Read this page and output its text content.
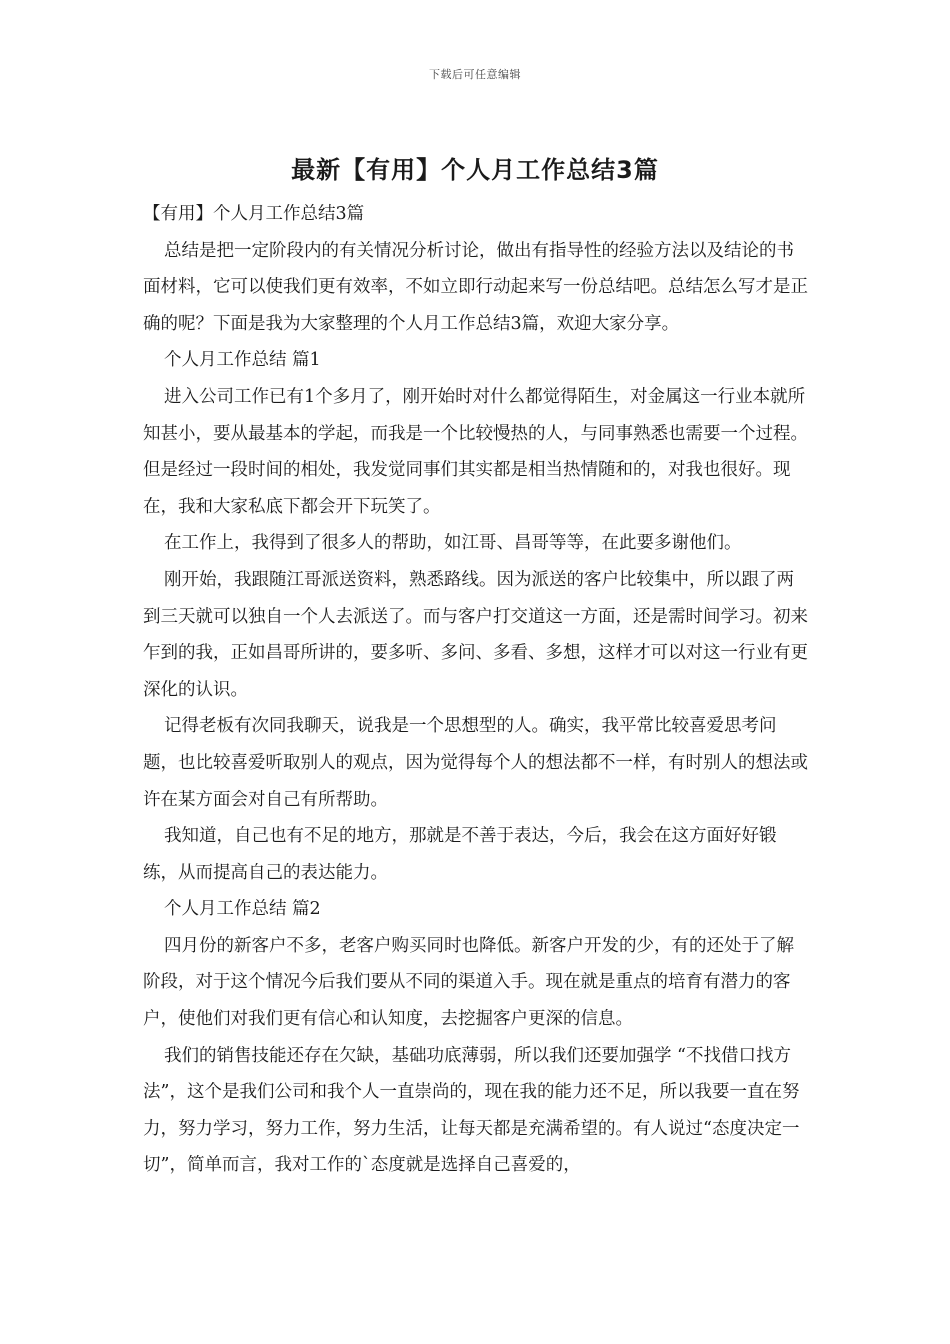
下载后可任意编辑
最新【有用】个人月工作总结3篇

【有用】个人月工作总结3篇

总结是把一定阶段内的有关情况分析讨论，做出有指导性的经验方法以及结论的书面材料，它可以使我们更有效率，不如立即行动起来写一份总结吧。总结怎么写才是正确的呢？下面是我为大家整理的个人月工作总结3篇，欢迎大家分享。

个人月工作总结 篇1

进入公司工作已有1个多月了，刚开始时对什么都觉得陌生，对金属这一行业本就所知甚小，要从最基本的学起，而我是一个比较慢热的人，与同事熟悉也需要一个过程。但是经过一段时间的相处，我发觉同事们其实都是相当热情随和的，对我也很好。现在，我和大家私底下都会开下玩笑了。

在工作上，我得到了很多人的帮助，如江哥、昌哥等等，在此要多谢他们。

刚开始，我跟随江哥派送资料，熟悉路线。因为派送的客户比较集中，所以跟了两到三天就可以独自一个人去派送了。而与客户打交道这一方面，还是需时间学习。初来乍到的我，正如昌哥所讲的，要多听、多问、多看、多想，这样才可以对这一行业有更深化的认识。

记得老板有次同我聊天，说我是一个思想型的人。确实，我平常比较喜爱思考问题，也比较喜爱听取别人的观点，因为觉得每个人的想法都不一样，有时别人的想法或许在某方面会对自己有所帮助。

我知道，自己也有不足的地方，那就是不善于表达，今后，我会在这方面好好锻练，从而提高自己的表达能力。

个人月工作总结 篇2

四月份的新客户不多，老客户购买同时也降低。新客户开发的少，有的还处于了解阶段，对于这个情况今后我们要从不同的渠道入手。现在就是重点的培育有潜力的客户，使他们对我们更有信心和认知度，去挖掘客户更深的信息。

我们的销售技能还存在欠缺，基础功底薄弱，所以我们还要加强学 “不找借口找方法”，这个是我们公司和我个人一直崇尚的，现在我的能力还不足，所以我要一直在努力，努力学习，努力工作，努力生活，让每天都是充满希望的。有人说过“态度决定一切”，简单而言，我对工作的`态度就是选择自己喜爱的，
